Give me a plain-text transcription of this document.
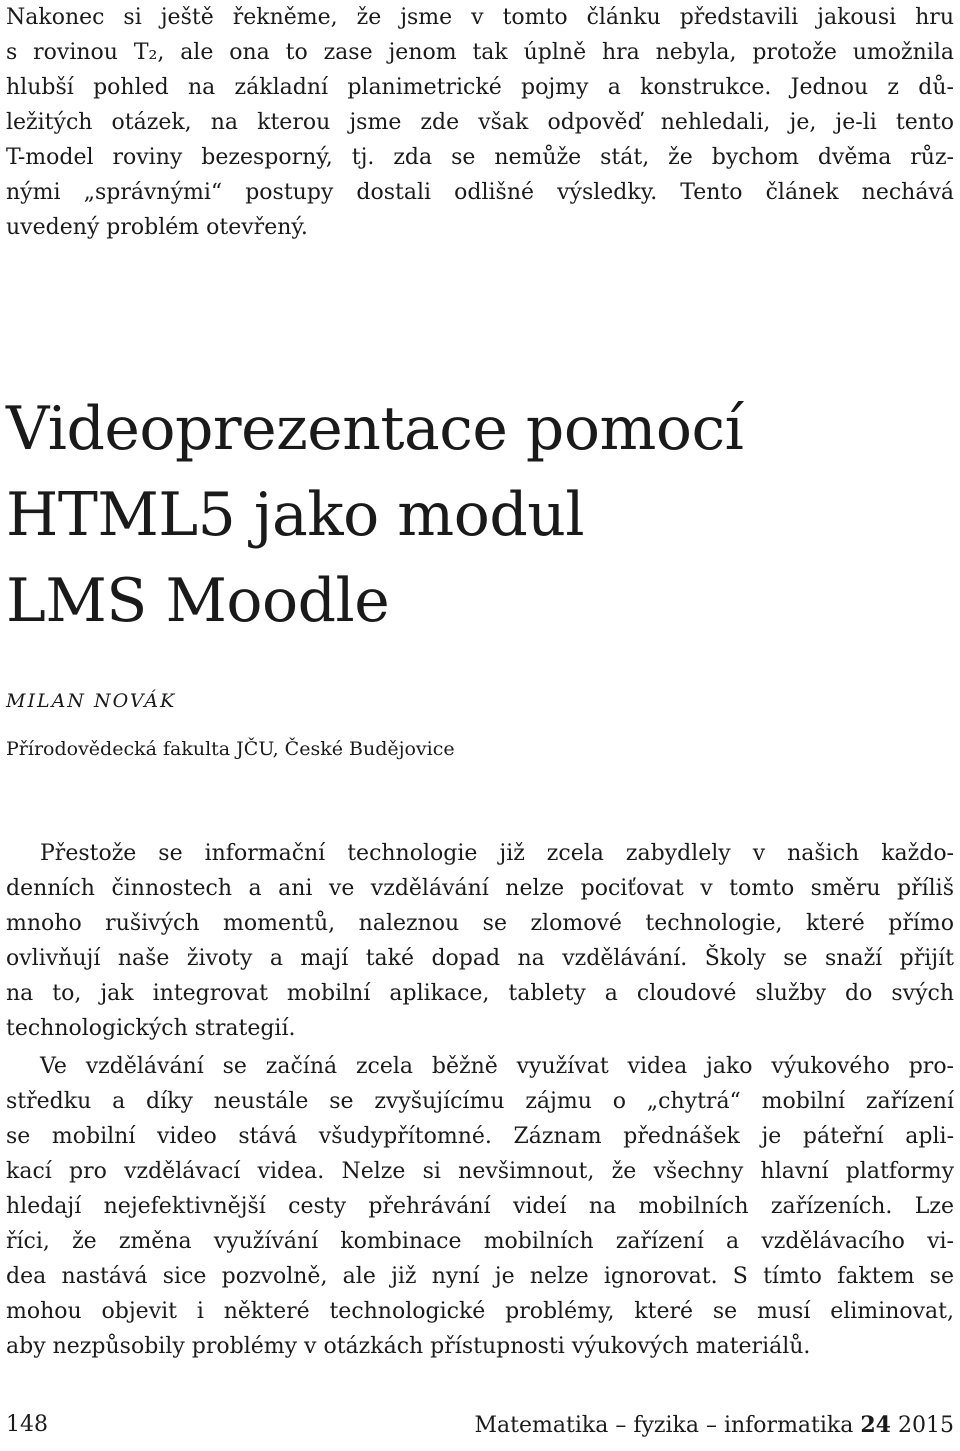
Nakonec si ještě řekněme, že jsme v tomto článku představili jakousi hru
s rovinou T₂, ale ona to zase jenom tak úplně hra nebyla, protože umožnila
hlubší pohled na základní planimetrické pojmy a konstrukce. Jednou z dů-
ležitých otázek, na kterou jsme zde však odpověď nehledali, je, je-li tento
T-model roviny bezesporný, tj. zda se nemůže stát, že bychom dvěma růz-
nými „správnými“ postupy dostali odlišné výsledky. Tento článek nechává
uvedený problém otevřený.

Videoprezentace pomocí
HTML5 jako modul
LMS Moodle
MILAN NOVÁK
Přírodovědecká fakulta JČU, České Budějovice

Přestože se informační technologie již zcela zabydlely v našich každo-
denních činnostech a ani ve vzdělávání nelze pociťovat v tomto směru příliš
mnoho rušivých momentů, naleznou se zlomové technologie, které přímo
ovlivňují naše životy a mají také dopad na vzdělávání. Školy se snaží přijít
na to, jak integrovat mobilní aplikace, tablety a cloudové služby do svých
technologických strategií.

Ve vzdělávání se začíná zcela běžně využívat videa jako výukového pro-
středku a díky neustále se zvyšujícímu zájmu o „chytrá“ mobilní zařízení
se mobilní video stává všudypřítomné. Záznam přednášek je páteřní apli-
kací pro vzdělávací videa. Nelze si nevšimnout, že všechny hlavní platformy
hledají nejefektivnější cesty přehrávání videí na mobilních zařízeních. Lze
říci, že změna využívání kombinace mobilních zařízení a vzdělávacího vi-
dea nastává sice pozvolně, ale již nyní je nelze ignorovat. S tímto faktem se
mohou objevit i některé technologické problémy, které se musí eliminovat,
aby nezpůsobily problémy v otázkách přístupnosti výukových materiálů.

148	Matematika – fyzika – informatika 24 2015
